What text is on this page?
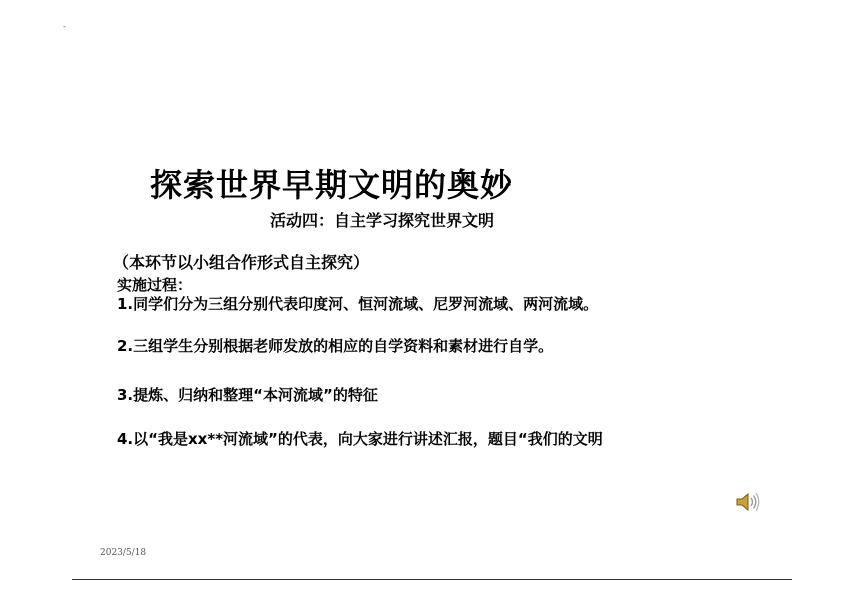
-
探索世界早期文明的奥妙
活动四：自主学习探究世界文明
（本环节以小组合作形式自主探究）
实施过程：
1.同学们分为三组分别代表印度河、恒河流域、尼罗河流域、两河流域。
2.三组学生分别根据老师发放的相应的自学资料和素材进行自学。
3.提炼、归纳和整理“本河流域”的特征
4.以“我是xx**河流域”的代表，向大家进行讲述汇报，题目“我们的文明
2023/5/18
